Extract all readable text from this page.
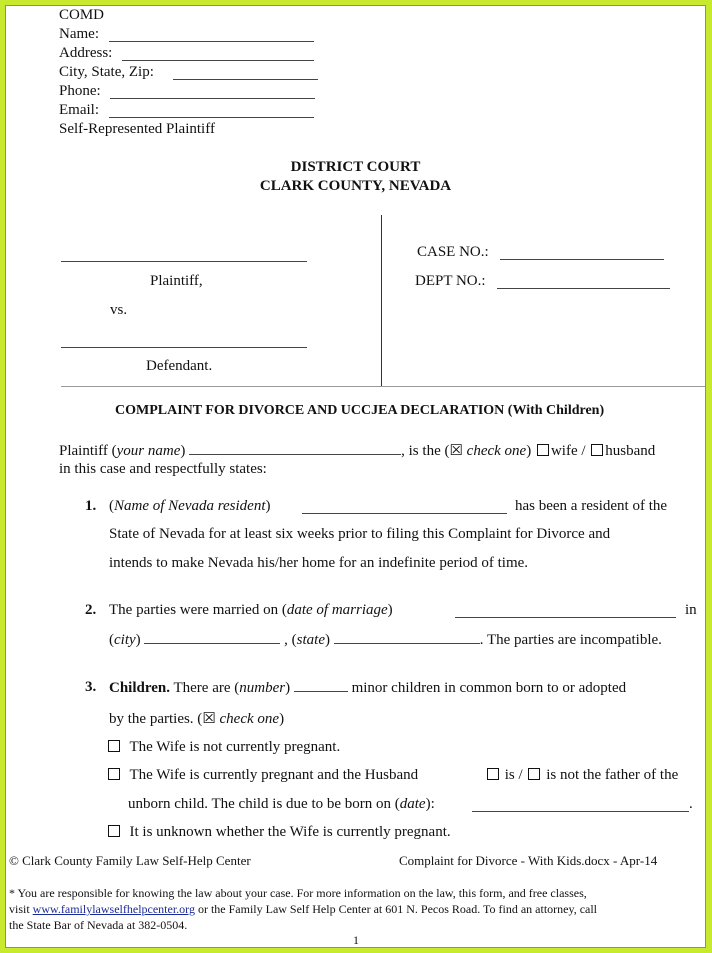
COMD
Name:
Address:
City, State, Zip:
Phone:
Email:
Self-Represented Plaintiff
DISTRICT COURT
CLARK COUNTY, NEVADA
Plaintiff,
vs.
Defendant.
CASE NO.:
DEPT NO.:
COMPLAINT FOR DIVORCE AND UCCJEA DECLARATION (With Children)
Plaintiff (your name)	, is the (☒ check one) wife / husband
in this case and respectfully states:
1. (Name of Nevada resident)	has been a resident of the
State of Nevada for at least six weeks prior to filing this Complaint for Divorce and
intends to make Nevada his/her home for an indefinite period of time.
2. The parties were married on (date of marriage)	in
(city)	, (state)	. The parties are incompatible.
3. Children. There are (number)	minor children in common born to or adopted
by the parties. (☒ check one)
The Wife is not currently pregnant.
The Wife is currently pregnant and the Husband	is / is not the father of the
unborn child. The child is due to be born on (date):	.
It is unknown whether the Wife is currently pregnant.
© Clark County Family Law Self-Help Center	Complaint for Divorce - With Kids.docx - Apr-14
* You are responsible for knowing the law about your case. For more information on the law, this form, and free classes,
visit www.familylawselfhelpcenter.org or the Family Law Self Help Center at 601 N. Pecos Road. To find an attorney, call
the State Bar of Nevada at 382-0504.
1
